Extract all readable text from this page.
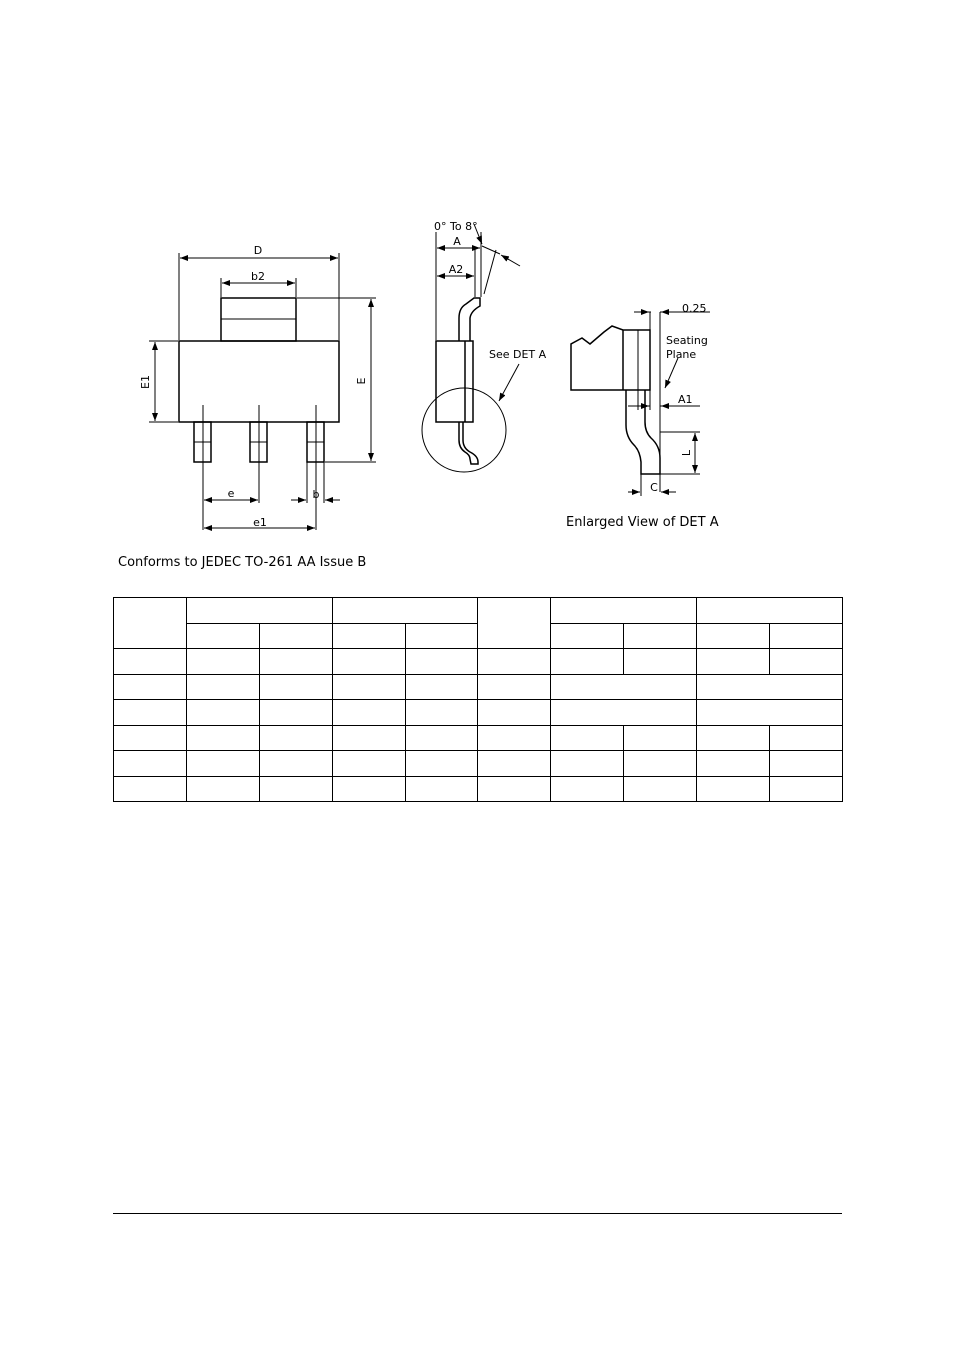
D
b2
E1	E
e	b
e1
0° To 8°
A
A2
See DET A
0.25
Seating
Plane
A1
L
C
Enlarged View of DET A
Conforms to JEDEC TO-261 AA Issue B
